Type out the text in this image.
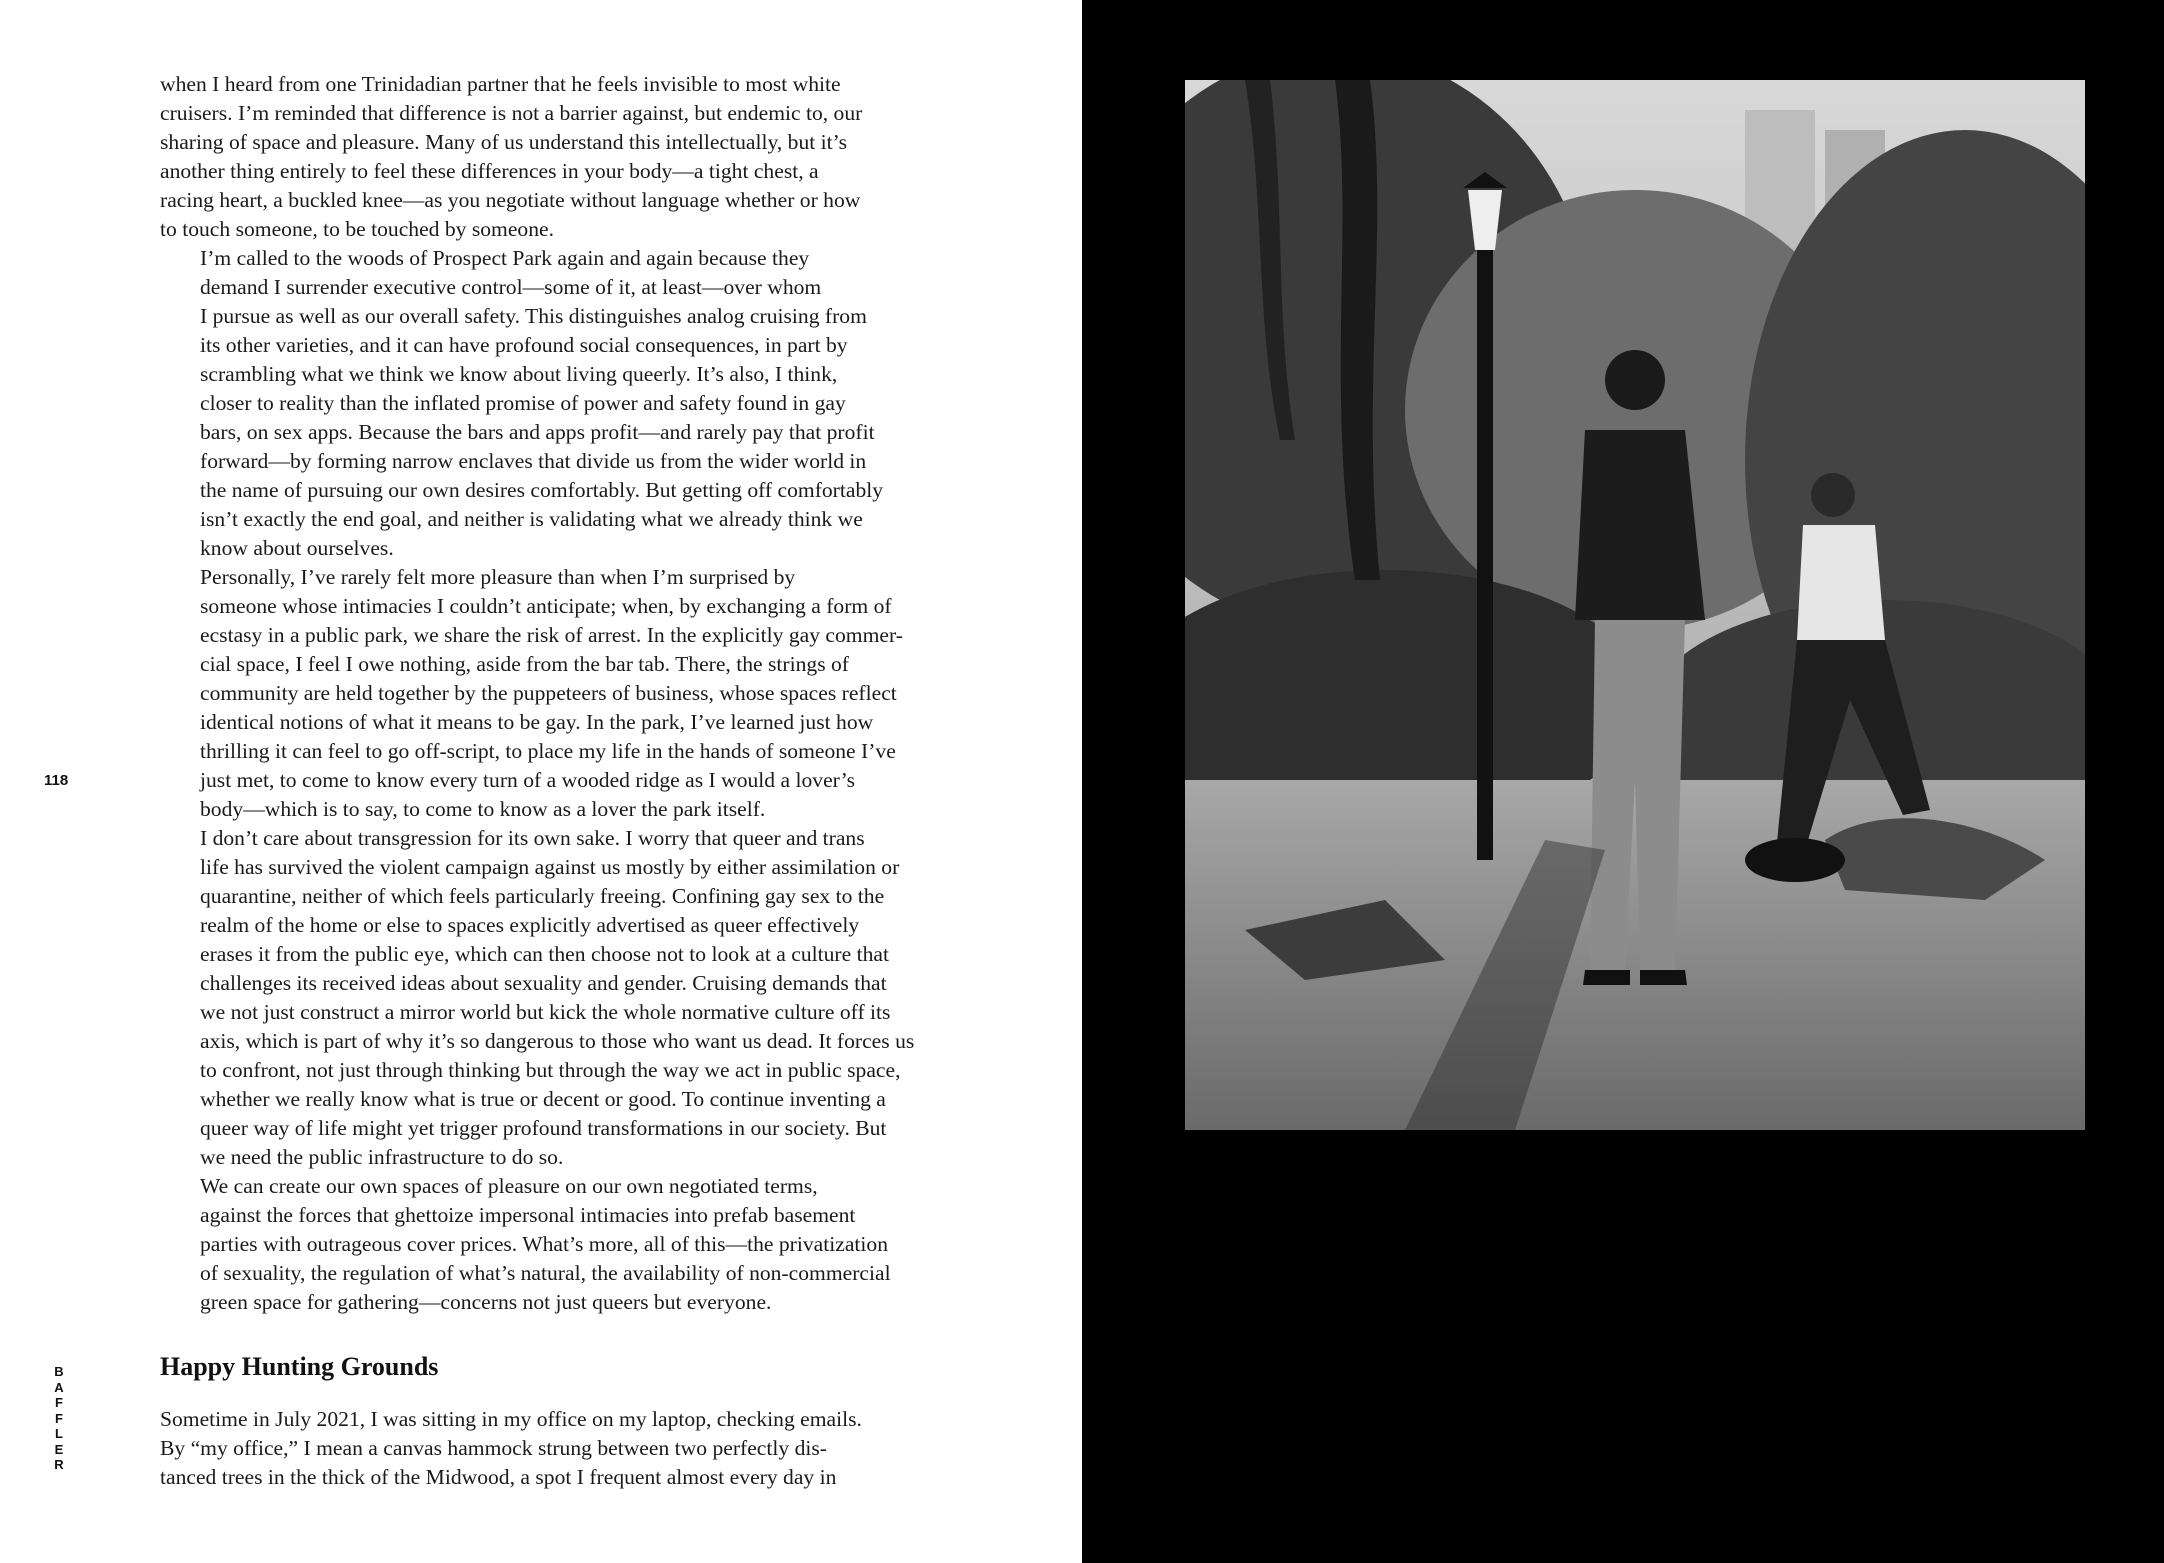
when I heard from one Trinidadian partner that he feels invisible to most white
cruisers. I’m reminded that difference is not a barrier against, but endemic to, our
sharing of space and pleasure. Many of us understand this intellectually, but it’s
another thing entirely to feel these differences in your body—a tight chest, a
racing heart, a buckled knee—as you negotiate without language whether or how
to touch someone, to be touched by someone.

I’m called to the woods of Prospect Park again and again because they
demand I surrender executive control—some of it, at least—over whom
I pursue as well as our overall safety. This distinguishes analog cruising from
its other varieties, and it can have profound social consequences, in part by
scrambling what we think we know about living queerly. It’s also, I think,
closer to reality than the inflated promise of power and safety found in gay
bars, on sex apps. Because the bars and apps profit—and rarely pay that profit
forward—by forming narrow enclaves that divide us from the wider world in
the name of pursuing our own desires comfortably. But getting off comfortably
isn’t exactly the end goal, and neither is validating what we already think we
know about ourselves.

Personally, I’ve rarely felt more pleasure than when I’m surprised by
someone whose intimacies I couldn’t anticipate; when, by exchanging a form of
ecstasy in a public park, we share the risk of arrest. In the explicitly gay commer-
cial space, I feel I owe nothing, aside from the bar tab. There, the strings of
community are held together by the puppeteers of business, whose spaces reflect
identical notions of what it means to be gay. In the park, I’ve learned just how
thrilling it can feel to go off-script, to place my life in the hands of someone I’ve
just met, to come to know every turn of a wooded ridge as I would a lover’s
body—which is to say, to come to know as a lover the park itself.

I don’t care about transgression for its own sake. I worry that queer and trans
life has survived the violent campaign against us mostly by either assimilation or
quarantine, neither of which feels particularly freeing. Confining gay sex to the
realm of the home or else to spaces explicitly advertised as queer effectively
erases it from the public eye, which can then choose not to look at a culture that
challenges its received ideas about sexuality and gender. Cruising demands that
we not just construct a mirror world but kick the whole normative culture off its
axis, which is part of why it’s so dangerous to those who want us dead. It forces us
to confront, not just through thinking but through the way we act in public space,
whether we really know what is true or decent or good. To continue inventing a
queer way of life might yet trigger profound transformations in our society. But
we need the public infrastructure to do so.

We can create our own spaces of pleasure on our own negotiated terms,
against the forces that ghettoize impersonal intimacies into prefab basement
parties with outrageous cover prices. What’s more, all of this—the privatization
of sexuality, the regulation of what’s natural, the availability of non-commercial
green space for gathering—concerns not just queers but everyone.

118
B
A
F
F
L
E
R
Happy Hunting Grounds
Sometime in July 2021, I was sitting in my office on my laptop, checking emails.
By “my office,” I mean a canvas hammock strung between two perfectly dis-
tanced trees in the thick of the Midwood, a spot I frequent almost every day in
